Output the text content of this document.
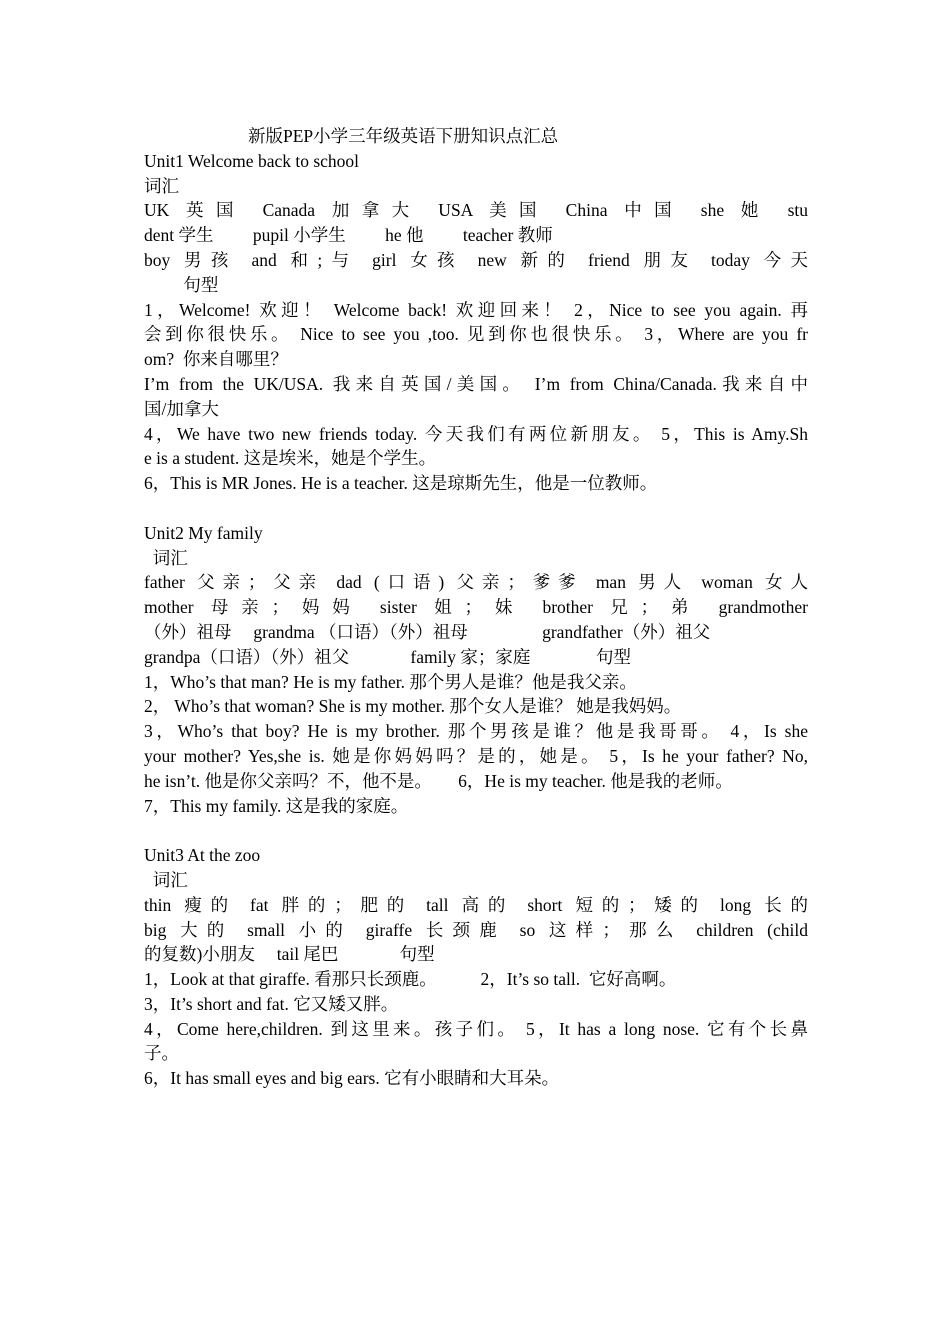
新版PEP小学三年级英语下册知识点汇总
Unit1 Welcome back to school
词汇
UK 英国 Canada 加拿大 USA 美国 China 中国 she 她 stu
dent 学生         pupil 小学生         he 他         teacher 教师
boy 男孩 and 和;与 girl 女孩 new 新的 friend 朋友 today 今天
句型
1，Welcome! 欢迎！ Welcome back! 欢迎回来！ 2，Nice to see you again. 再
会到你很快乐。 Nice to see you ,too. 见到你也很快乐。 3，Where are you fr
om?  你来自哪里？
I’m from the UK/USA. 我来自英国/美国。 I’m from China/Canada.我来自中
国/加拿大
4，We have two new friends today. 今天我们有两位新朋友。 5，This is Amy.Sh
e is a student. 这是埃米，她是个学生。
6，This is MR Jones. He is a teacher. 这是琼斯先生，他是一位教师。
Unit2 My family
词汇
father 父亲；父亲 dad (口语) 父亲；爹爹 man 男人 woman 女人
mother 母亲；妈妈 sister 姐；妹 brother 兄；弟 grandmother
（外）祖母     grandma （口语）（外）祖母                 grandfather（外）祖父
grandpa（口语）（外）祖父              family 家；家庭               句型
1，Who’s that man? He is my father. 那个男人是谁？他是我父亲。
2， Who’s that woman? She is my mother. 那个女人是谁？ 她是我妈妈。
3，Who’s that boy? He is my brother. 那个男孩是谁？他是我哥哥。 4，Is she
your mother? Yes,she is. 她是你妈妈吗？是的，她是。 5，Is he your father? No,
he isn’t. 他是你父亲吗？不，他不是。      6，He is my teacher. 他是我的老师。
7，This my family. 这是我的家庭。
Unit3 At the zoo
词汇
thin 瘦的 fat 胖的；肥的 tall 高的 short 短的；矮的 long 长的
big 大的 small 小的 giraffe 长颈鹿 so 这样；那么 children (child
的复数)小朋友     tail 尾巴              句型
1，Look at that giraffe. 看那只长颈鹿。          2，It’s so tall.  它好高啊。
3，It’s short and fat. 它又矮又胖。
4，Come here,children. 到这里来。孩子们。 5，It has a long nose. 它有个长鼻
子。
6，It has small eyes and big ears. 它有小眼睛和大耳朵。
